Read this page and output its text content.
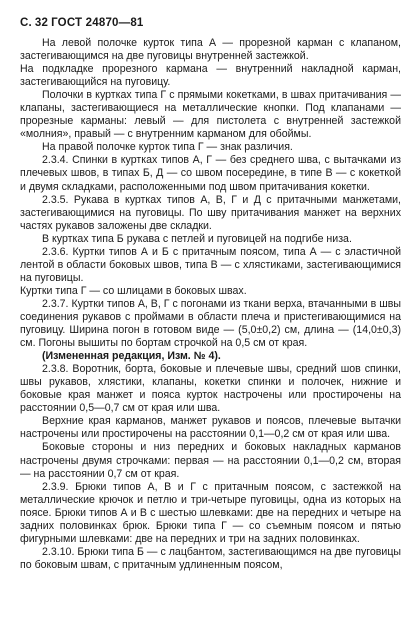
С. 32 ГОСТ 24870—81

На левой полочке курток типа А — прорезной карман с клапаном, застегивающимся на две пуговицы внутренней застежкой.

На подкладке прорезного кармана — внутренний накладной карман, застегивающийся на пуговицу.

Полочки в куртках типа Г с прямыми кокетками, в швах притачивания — клапаны, застегивающиеся на металлические кнопки. Под клапанами — прорезные карманы: левый — для пистолета с внутренней застежкой «молния», правый — с внутренним карманом для обоймы.

На правой полочке курток типа Г — знак различия.

2.3.4. Спинки в куртках типов А, Г — без среднего шва, с вытачками из плечевых швов, в типах Б, Д — со швом посередине, в типе В — с кокеткой и двумя складками, расположенными под швом притачивания кокетки.

2.3.5. Рукава в куртках типов А, В, Г и Д с притачными манжетами, застегивающимися на пуговицы. По шву притачивания манжет на верхних частях рукавов заложены две складки.

В куртках типа Б рукава с петлей и пуговицей на подгибе низа.

2.3.6. Куртки типов А и Б с притачным поясом, типа А — с эластичной лентой в области боковых швов, типа В — с хлястиками, застегивающимися на пуговицы.

Куртки типа Г — со шлицами в боковых швах.

2.3.7. Куртки типов А, В, Г с погонами из ткани верха, втачанными в швы соединения рукавов с проймами в области плеча и пристегивающимися на пуговицу. Ширина погон в готовом виде — (5,0±0,2) см, длина — (14,0±0,3) см. Погоны вышиты по бортам строчкой на 0,5 см от края.

(Измененная редакция, Изм. № 4).

2.3.8. Воротник, борта, боковые и плечевые швы, средний шов спинки, швы рукавов, хлястики, клапаны, кокетки спинки и полочек, нижние и боковые края манжет и пояса курток настрочены или простирочены на расстоянии 0,5—0,7 см от края или шва.

Верхние края карманов, манжет рукавов и поясов, плечевые вытачки настрочены или простирочены на расстоянии 0,1—0,2 см от края или шва.

Боковые стороны и низ передних и боковых накладных карманов настрочены двумя строчками: первая — на расстоянии 0,1—0,2 см, вторая — на расстоянии 0,7 см от края.

2.3.9. Брюки типов А, В и Г с притачным поясом, с застежкой на металлические крючок и петлю и три-четыре пуговицы, одна из которых на поясе. Брюки типов А и В с шестью шлевками: две на передних и четыре на задних половинках брюк. Брюки типа Г — со съемным поясом и пятью фигурными шлевками: две на передних и три на задних половинках.

2.3.10. Брюки типа Б — с лацбантом, застегивающимся на две пуговицы по боковым швам, с притачным удлиненным поясом,
